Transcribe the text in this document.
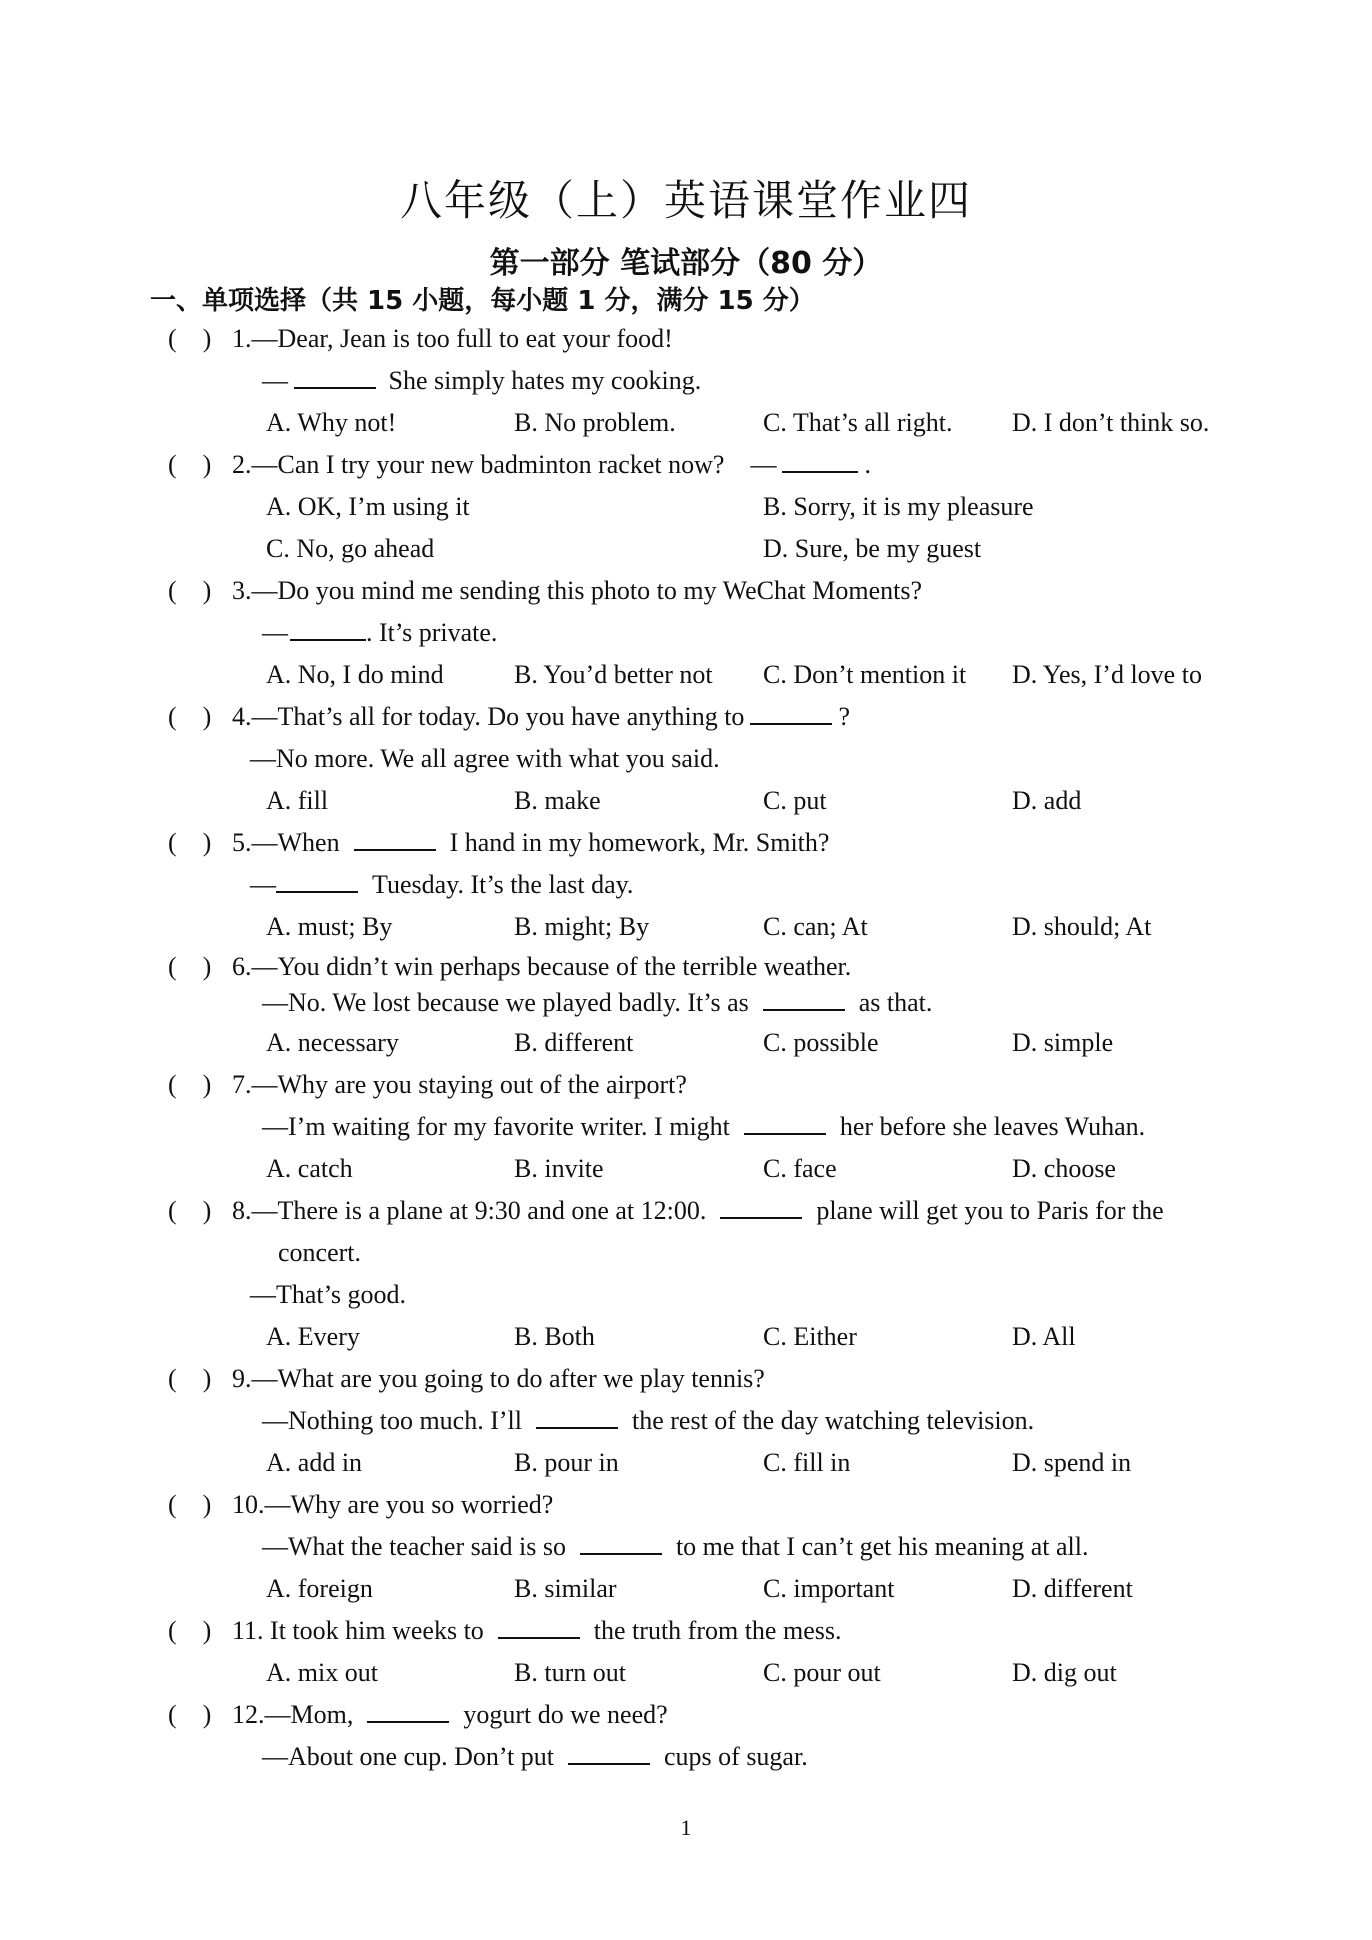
八年级（上）英语课堂作业四
第一部分 笔试部分（80 分）
一、单项选择（共 15 小题，每小题 1 分，满分 15 分）
(    ) 1.—Dear, Jean is too full to eat your food!
—	She simply hates my cooking.
A. Why not!	B. No problem.	C. That’s all right. D. I don’t think so.
(    ) 2.—Can I try your new badminton racket now? —	.
A. OK, I’m using it	B. Sorry, it is my pleasure
C. No, go ahead	D. Sure, be my guest
(    ) 3.—Do you mind me sending this photo to my WeChat Moments?
—	. It’s private.
A. No, I do mind	B. You’d better not C. Don’t mention it D. Yes, I’d love to
(    ) 4.—That’s all for today. Do you have anything to	?
—No more. We all agree with what you said.
A. fill	B. make	C. put	D. add
(    ) 5.—When	I hand in my homework, Mr. Smith?
—	Tuesday. It’s the last day.
A. must; By	B. might; By	C. can; At	D. should; At
(    ) 6.—You didn’t win perhaps because of the terrible weather.
—No. We lost because we played badly. It’s as	as that.
A. necessary	B. different	C. possible	D. simple
(    ) 7.—Why are you staying out of the airport?
—I’m waiting for my favorite writer. I might	her before she leaves Wuhan.
A. catch	B. invite	C. face	D. choose
(    ) 8.—There is a plane at 9:30 and one at 12:00.	plane will get you to Paris for the
concert.
—That’s good.
A. Every	B. Both	C. Either	D. All
(    ) 9.—What are you going to do after we play tennis?
—Nothing too much. I’ll	the rest of the day watching television.
A. add in	B. pour in	C. fill in	D. spend in
(    ) 10.—Why are you so worried?
—What the teacher said is so	to me that I can’t get his meaning at all.
A. foreign	B. similar	C. important	D. different
(    ) 11. It took him weeks to	the truth from the mess.
A. mix out	B. turn out	C. pour out	D. dig out
(    ) 12.—Mom,	yogurt do we need?
—About one cup. Don’t put	cups of sugar.
1
